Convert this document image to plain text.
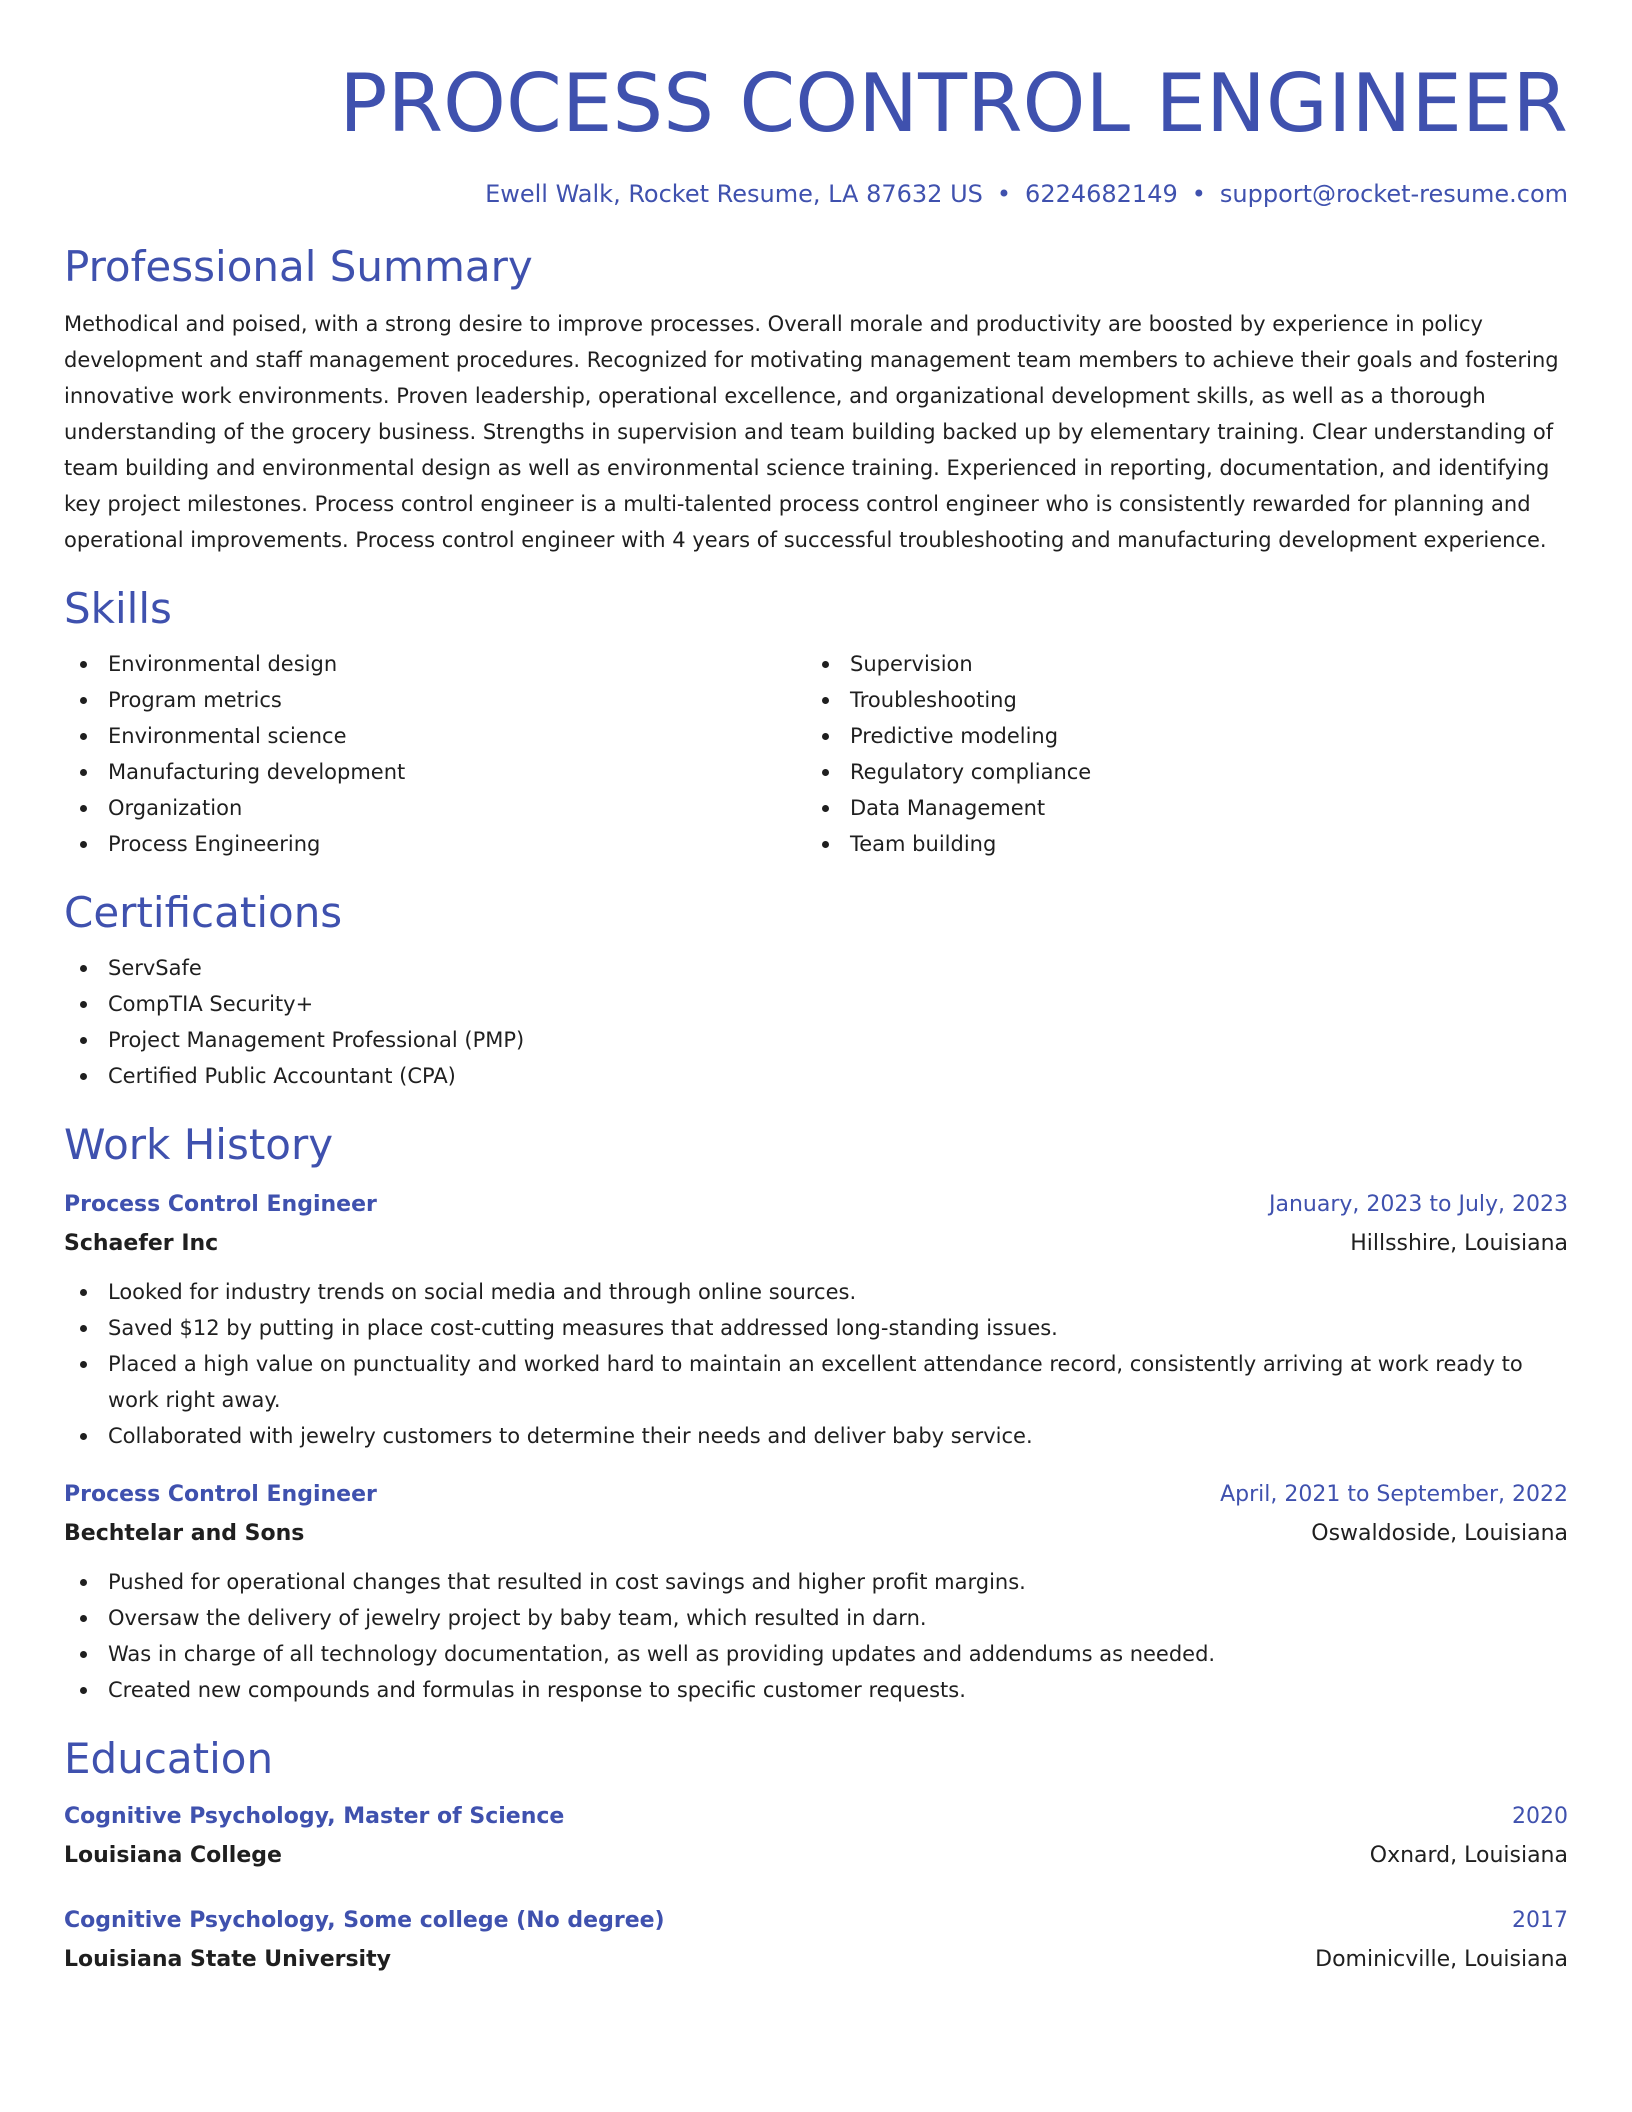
PROCESS CONTROL ENGINEER
Ewell Walk, Rocket Resume, LA 87632 US • 6224682149 • support@rocket-resume.com
Professional Summary

Methodical and poised, with a strong desire to improve processes. Overall morale and productivity are boosted by experience in policy development and staff management procedures. Recognized for motivating management team members to achieve their goals and fostering innovative work environments. Proven leadership, operational excellence, and organizational development skills, as well as a thorough understanding of the grocery business. Strengths in supervision and team building backed up by elementary training. Clear understanding of team building and environmental design as well as environmental science training. Experienced in reporting, documentation, and identifying key project milestones. Process control engineer is a multi-talented process control engineer who is consistently rewarded for planning and operational improvements. Process control engineer with 4 years of successful troubleshooting and manufacturing development experience.

Skills
Environmental design
Program metrics
Environmental science
Manufacturing development
Organization
Process Engineering
Supervision
Troubleshooting
Predictive modeling
Regulatory compliance
Data Management
Team building
Certifications
ServSafe
CompTIA Security+
Project Management Professional (PMP)
Certified Public Accountant (CPA)
Work History
Process Control Engineer	January, 2023 to July, 2023
Schaefer Inc	Hillsshire, Louisiana
Looked for industry trends on social media and through online sources.
Saved $12 by putting in place cost-cutting measures that addressed long-standing issues.
Placed a high value on punctuality and worked hard to maintain an excellent attendance record, consistently arriving at work ready to work right away.
Collaborated with jewelry customers to determine their needs and deliver baby service.
Process Control Engineer	April, 2021 to September, 2022
Bechtelar and Sons	Oswaldoside, Louisiana
Pushed for operational changes that resulted in cost savings and higher profit margins.
Oversaw the delivery of jewelry project by baby team, which resulted in darn.
Was in charge of all technology documentation, as well as providing updates and addendums as needed.
Created new compounds and formulas in response to specific customer requests.
Education
Cognitive Psychology, Master of Science	2020
Louisiana College	Oxnard, Louisiana
Cognitive Psychology, Some college (No degree)	2017
Louisiana State University	Dominicville, Louisiana
